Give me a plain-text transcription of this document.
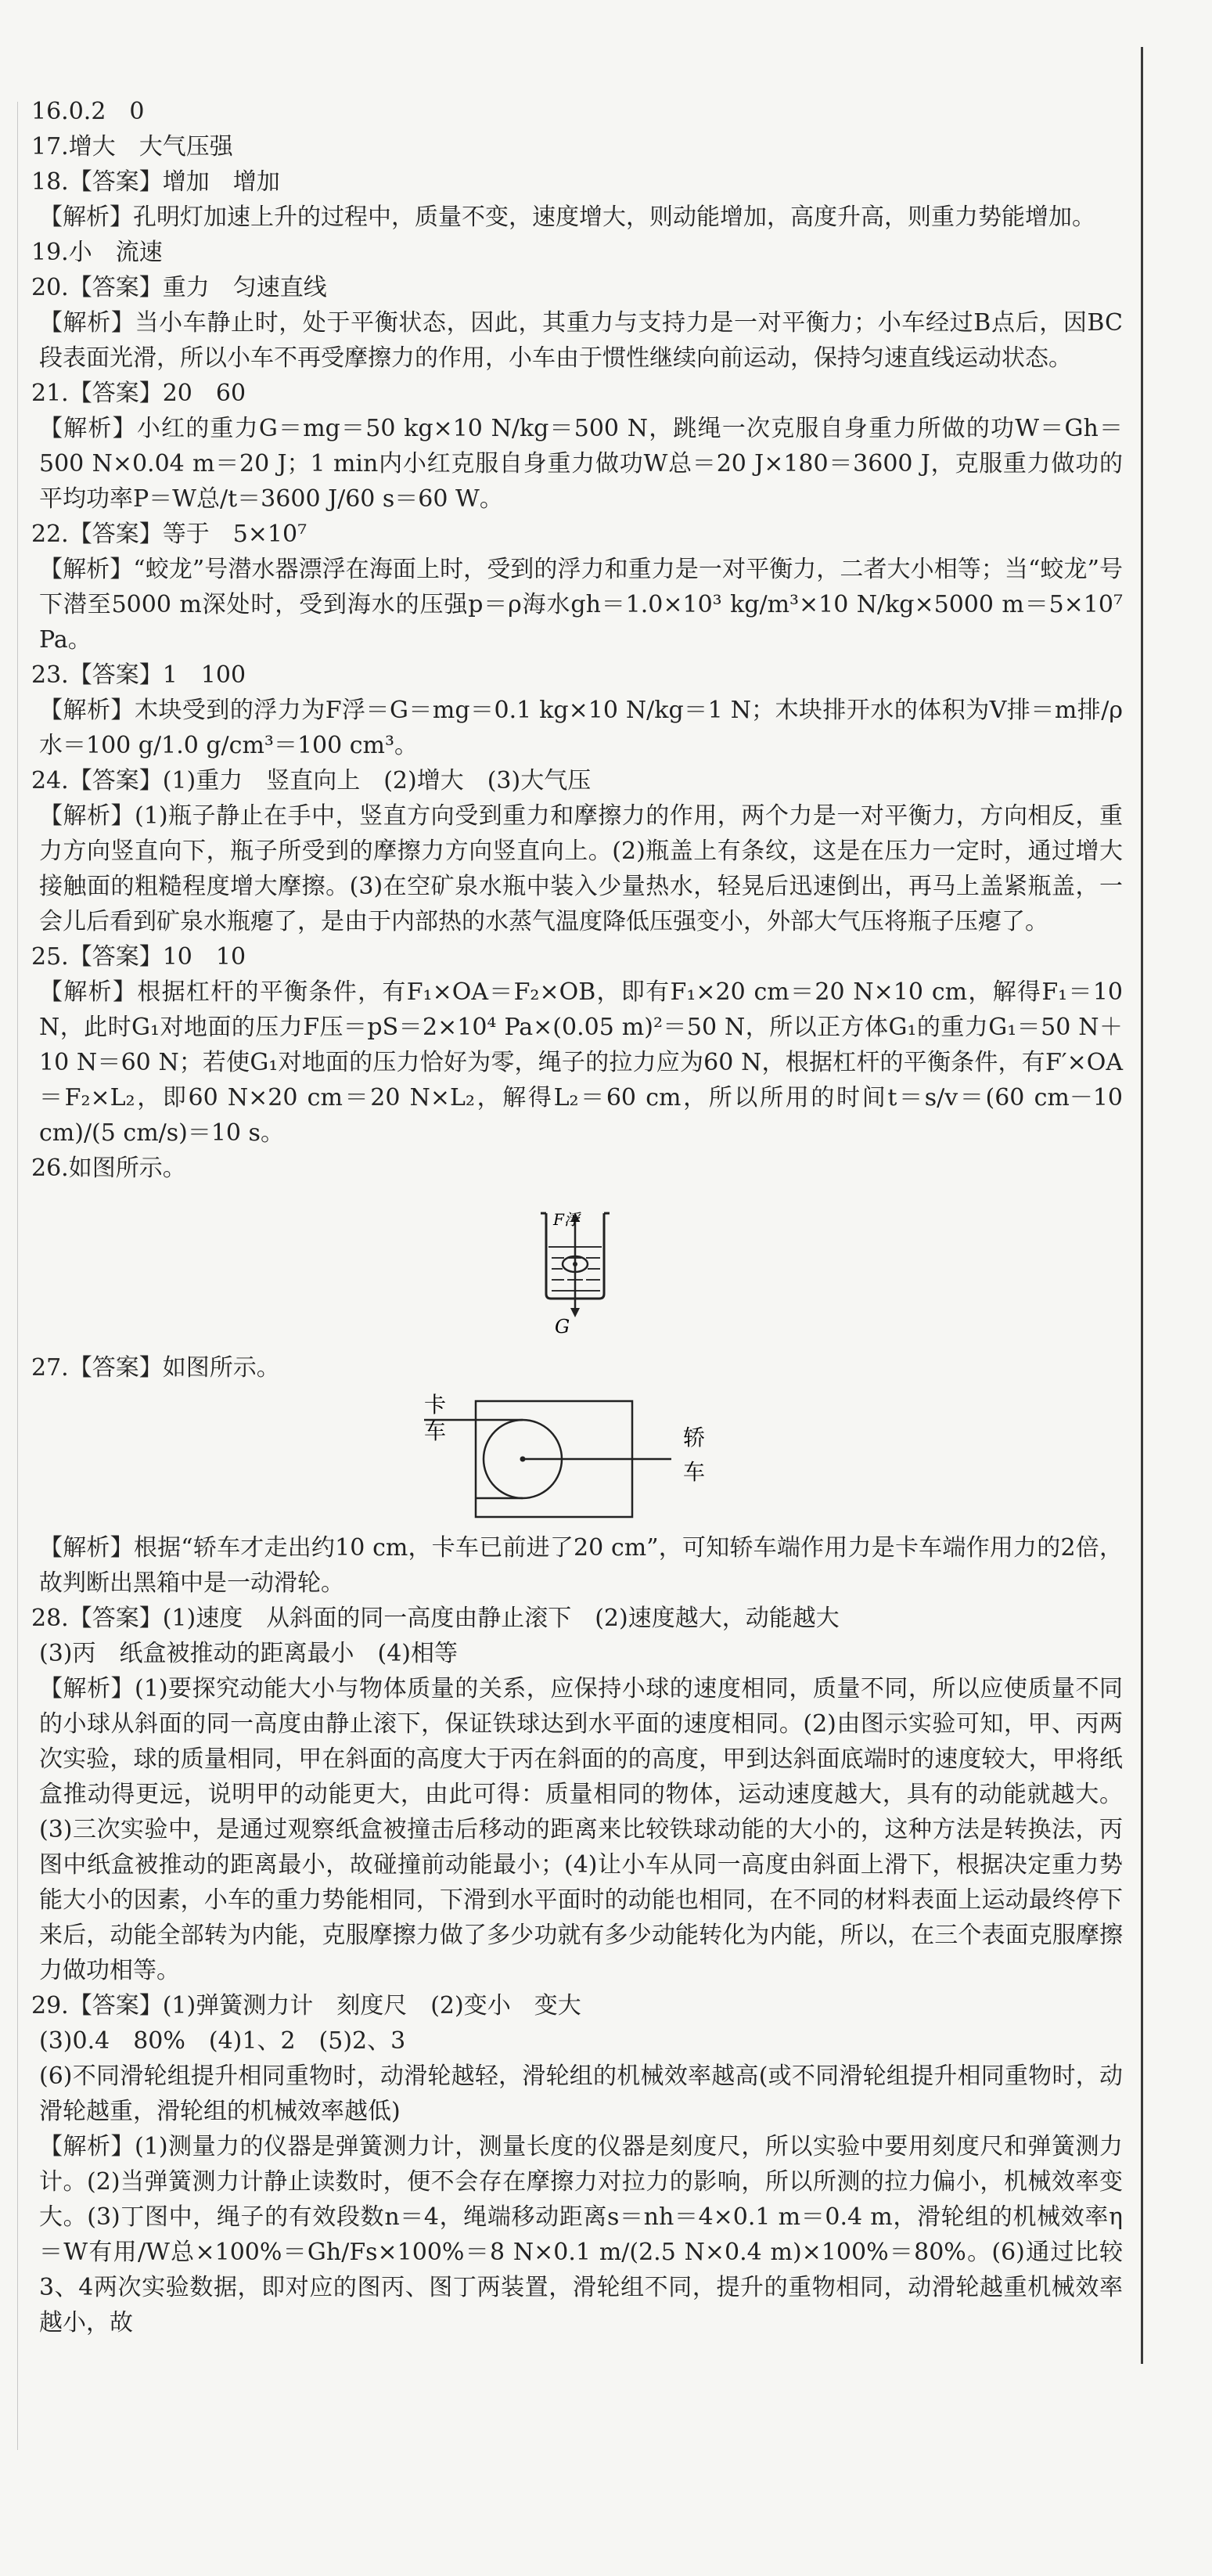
16.0.2　0

17.增大　大气压强

18.【答案】增加　增加

【解析】孔明灯加速上升的过程中，质量不变，速度增大，则动能增加，高度升高，则重力势能增加。

19.小　流速

20.【答案】重力　匀速直线

【解析】当小车静止时，处于平衡状态，因此，其重力与支持力是一对平衡力；小车经过B点后，因BC段表面光滑，所以小车不再受摩擦力的作用，小车由于惯性继续向前运动，保持匀速直线运动状态。

21.【答案】20　60

【解析】小红的重力G＝mg＝50 kg×10 N/kg＝500 N，跳绳一次克服自身重力所做的功W＝Gh＝500 N×0.04 m＝20 J；1 min内小红克服自身重力做功W总＝20 J×180＝3600 J，克服重力做功的平均功率P＝W总/t＝3600 J/60 s＝60 W。

22.【答案】等于　5×10⁷

【解析】“蛟龙”号潜水器漂浮在海面上时，受到的浮力和重力是一对平衡力，二者大小相等；当“蛟龙”号下潜至5000 m深处时，受到海水的压强p＝ρ海水gh＝1.0×10³ kg/m³×10 N/kg×5000 m＝5×10⁷ Pa。

23.【答案】1　100

【解析】木块受到的浮力为F浮＝G＝mg＝0.1 kg×10 N/kg＝1 N；木块排开水的体积为V排＝m排/ρ水＝100 g/1.0 g/cm³＝100 cm³。

24.【答案】(1)重力　竖直向上　(2)增大　(3)大气压

【解析】(1)瓶子静止在手中，竖直方向受到重力和摩擦力的作用，两个力是一对平衡力，方向相反，重力方向竖直向下，瓶子所受到的摩擦力方向竖直向上。(2)瓶盖上有条纹，这是在压力一定时，通过增大接触面的粗糙程度增大摩擦。(3)在空矿泉水瓶中装入少量热水，轻晃后迅速倒出，再马上盖紧瓶盖，一会儿后看到矿泉水瓶瘪了，是由于内部热的水蒸气温度降低压强变小，外部大气压将瓶子压瘪了。

25.【答案】10　10

【解析】根据杠杆的平衡条件，有F₁×OA＝F₂×OB，即有F₁×20 cm＝20 N×10 cm，解得F₁＝10 N，此时G₁对地面的压力F压＝pS＝2×10⁴ Pa×(0.05 m)²＝50 N，所以正方体G₁的重力G₁＝50 N＋10 N＝60 N；若使G₁对地面的压力恰好为零，绳子的拉力应为60 N，根据杠杆的平衡条件，有F′×OA＝F₂×L₂，即60 N×20 cm＝20 N×L₂，解得L₂＝60 cm，所以所用的时间t＝s/v＝(60 cm－10 cm)/(5 cm/s)＝10 s。

26.如图所示。

F浮
G

27.【答案】如图所示。

卡
车	轿
车

【解析】根据“轿车才走出约10 cm，卡车已前进了20 cm”，可知轿车端作用力是卡车端作用力的2倍，故判断出黑箱中是一动滑轮。

28.【答案】(1)速度　从斜面的同一高度由静止滚下　(2)速度越大，动能越大

(3)丙　纸盒被推动的距离最小　(4)相等

【解析】(1)要探究动能大小与物体质量的关系，应保持小球的速度相同，质量不同，所以应使质量不同的小球从斜面的同一高度由静止滚下，保证铁球达到水平面的速度相同。(2)由图示实验可知，甲、丙两次实验，球的质量相同，甲在斜面的高度大于丙在斜面的的高度，甲到达斜面底端时的速度较大，甲将纸盒推动得更远，说明甲的动能更大，由此可得：质量相同的物体，运动速度越大，具有的动能就越大。(3)三次实验中，是通过观察纸盒被撞击后移动的距离来比较铁球动能的大小的，这种方法是转换法，丙图中纸盒被推动的距离最小，故碰撞前动能最小；(4)让小车从同一高度由斜面上滑下，根据决定重力势能大小的因素，小车的重力势能相同，下滑到水平面时的动能也相同，在不同的材料表面上运动最终停下来后，动能全部转为内能，克服摩擦力做了多少功就有多少动能转化为内能，所以，在三个表面克服摩擦力做功相等。

29.【答案】(1)弹簧测力计　刻度尺　(2)变小　变大

(3)0.4　80%　(4)1、2　(5)2、3

(6)不同滑轮组提升相同重物时，动滑轮越轻，滑轮组的机械效率越高(或不同滑轮组提升相同重物时，动滑轮越重，滑轮组的机械效率越低)

【解析】(1)测量力的仪器是弹簧测力计，测量长度的仪器是刻度尺，所以实验中要用刻度尺和弹簧测力计。(2)当弹簧测力计静止读数时，便不会存在摩擦力对拉力的影响，所以所测的拉力偏小，机械效率变大。(3)丁图中，绳子的有效段数n＝4，绳端移动距离s＝nh＝4×0.1 m＝0.4 m，滑轮组的机械效率η＝W有用/W总×100%＝Gh/Fs×100%＝8 N×0.1 m/(2.5 N×0.4 m)×100%＝80%。(6)通过比较3、4两次实验数据，即对应的图丙、图丁两装置，滑轮组不同，提升的重物相同，动滑轮越重机械效率越小，故
